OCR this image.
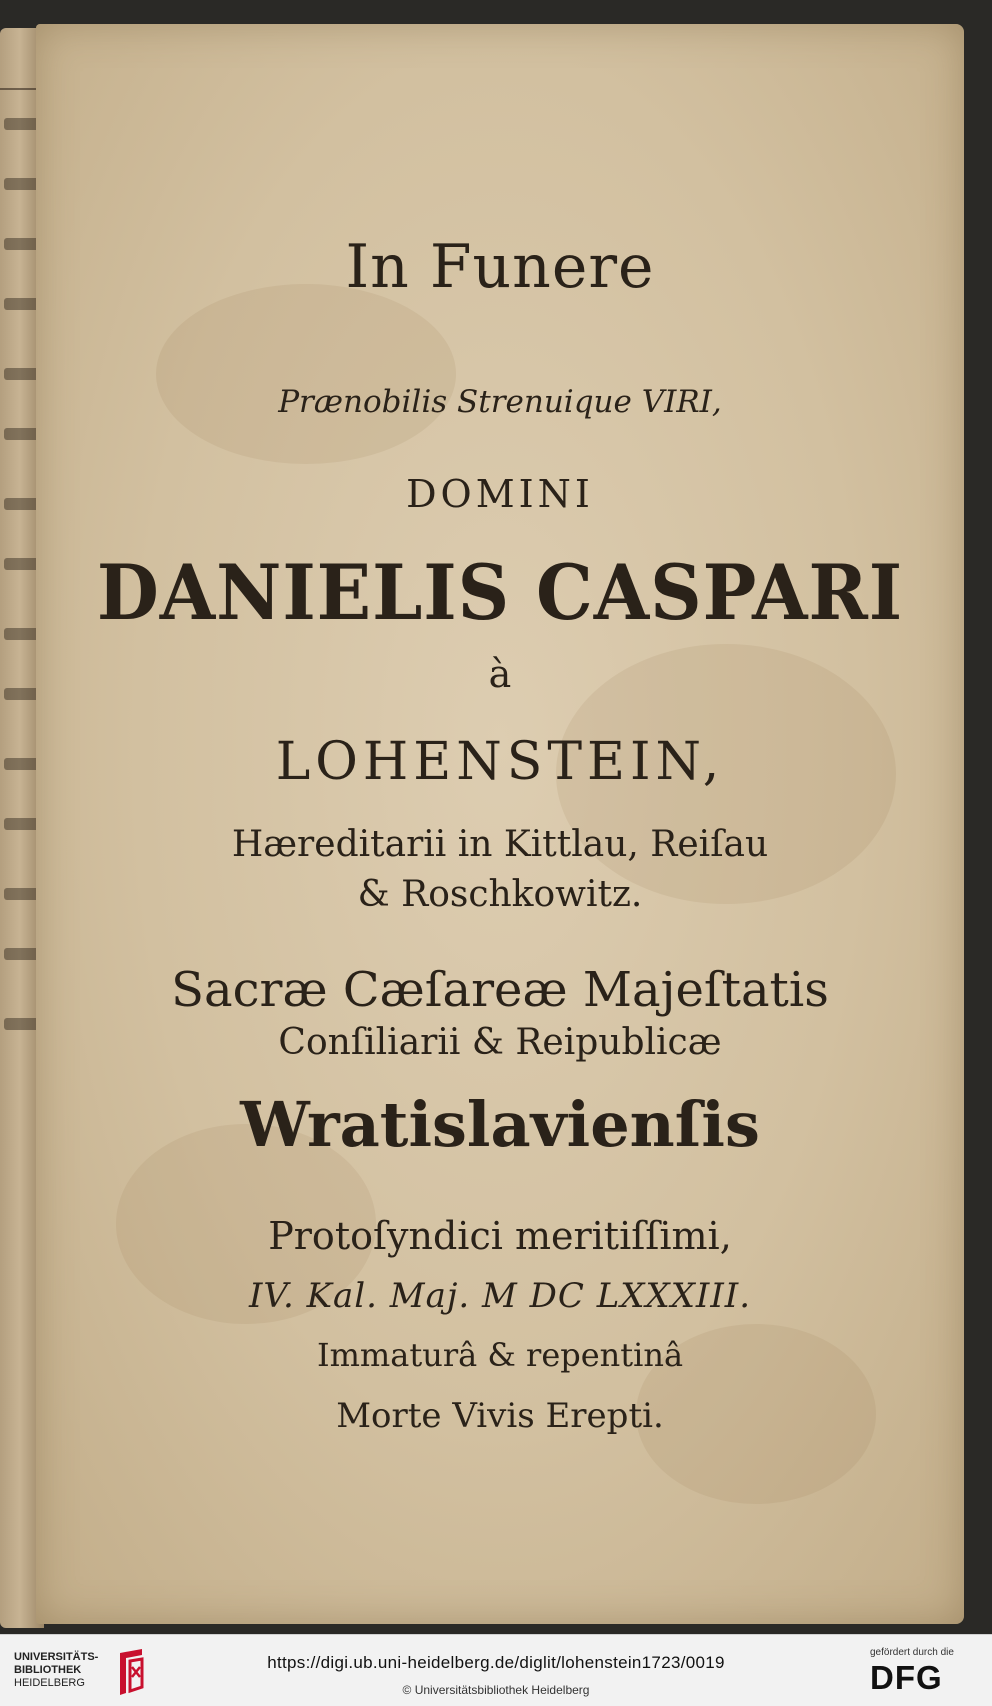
In Funere
Prænobilis Strenuique VIRI,
DOMINI
DANIELIS CASPARI
à
LOHENSTEIN,
Hæreditarii in Kittlau, Reiſau
& Roschkowitz.
Sacræ Cæſareæ Majeſtatis
Conſiliarii & Reipublicæ
Wratislavienſis
Protoſyndici meritiſſimi,
IV. Kal. Maj. M DC LXXXIII.
Immaturâ & repentinâ
Morte Vivis Erepti.
UNIVERSITÄTS-
BIBLIOTHEK
HEIDELBERG
https://digi.ub.uni-heidelberg.de/diglit/lohenstein1723/0019
© Universitätsbibliothek Heidelberg
gefördert durch die
DFG
